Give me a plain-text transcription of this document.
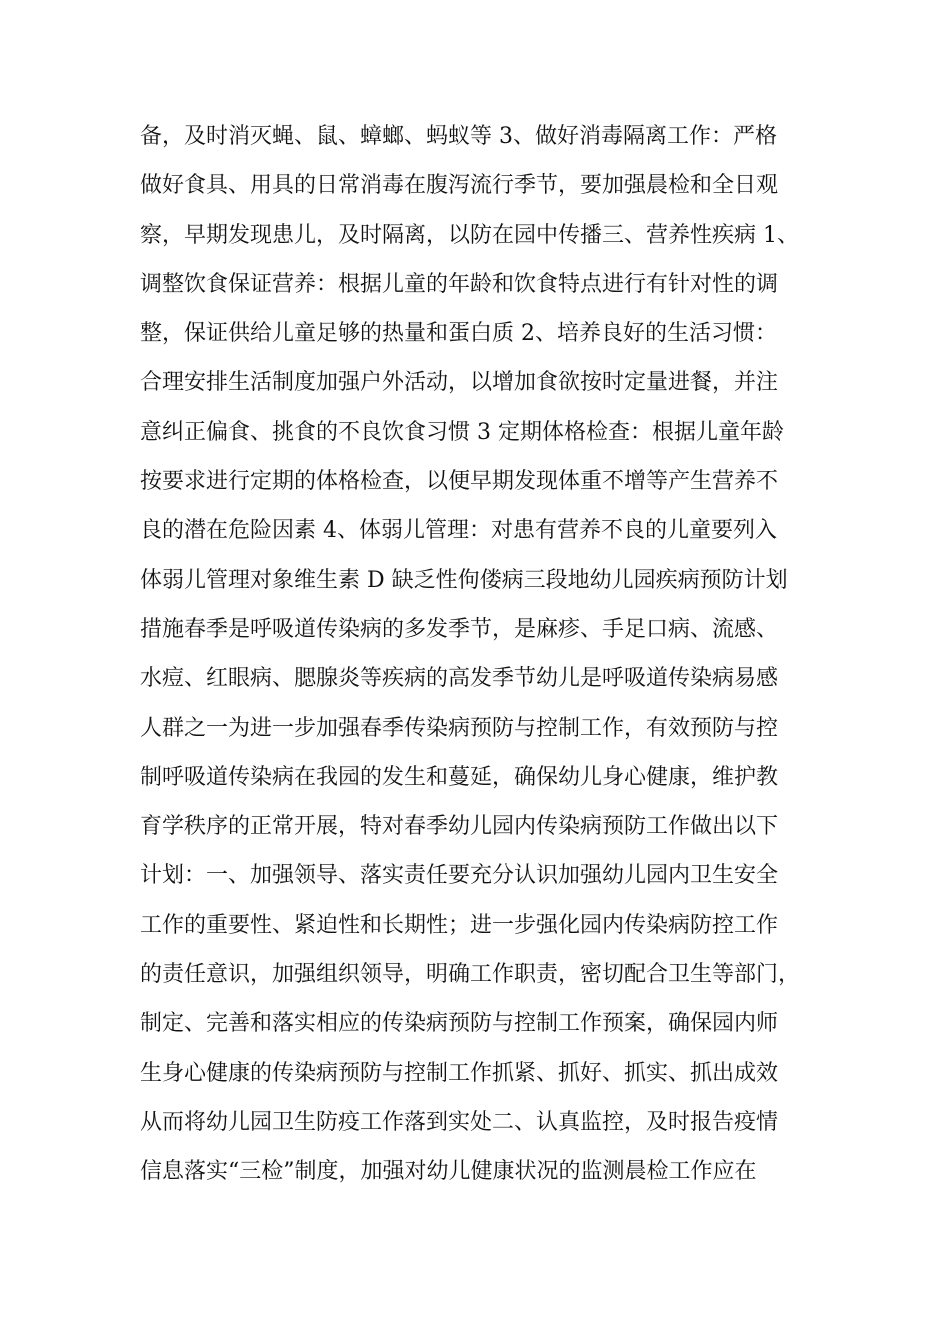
备，及时消灭蝇、鼠、蟑螂、蚂蚁等 3、做好消毒隔离工作：严格
做好食具、用具的日常消毒在腹泻流行季节，要加强晨检和全日观
察，早期发现患儿，及时隔离，以防在园中传播三、营养性疾病 1、
调整饮食保证营养：根据儿童的年龄和饮食特点进行有针对性的调
整，保证供给儿童足够的热量和蛋白质 2、培养良好的生活习惯：
合理安排生活制度加强户外活动，以增加食欲按时定量进餐，并注
意纠正偏食、挑食的不良饮食习惯 3 定期体格检查：根据儿童年龄
按要求进行定期的体格检查，以便早期发现体重不增等产生营养不
良的潜在危险因素 4、体弱儿管理：对患有营养不良的儿童要列入
体弱儿管理对象维生素 D 缺乏性佝偻病三段地幼儿园疾病预防计划
措施春季是呼吸道传染病的多发季节，是麻疹、手足口病、流感、
水痘、红眼病、腮腺炎等疾病的高发季节幼儿是呼吸道传染病易感
人群之一为进一步加强春季传染病预防与控制工作，有效预防与控
制呼吸道传染病在我园的发生和蔓延，确保幼儿身心健康，维护教
育学秩序的正常开展，特对春季幼儿园内传染病预防工作做出以下
计划：一、加强领导、落实责任要充分认识加强幼儿园内卫生安全
工作的重要性、紧迫性和长期性；进一步强化园内传染病防控工作
的责任意识，加强组织领导，明确工作职责，密切配合卫生等部门，
制定、完善和落实相应的传染病预防与控制工作预案，确保园内师
生身心健康的传染病预防与控制工作抓紧、抓好、抓实、抓出成效
从而将幼儿园卫生防疫工作落到实处二、认真监控，及时报告疫情
信息落实“三检”制度，加强对幼儿健康状况的监测晨检工作应在
